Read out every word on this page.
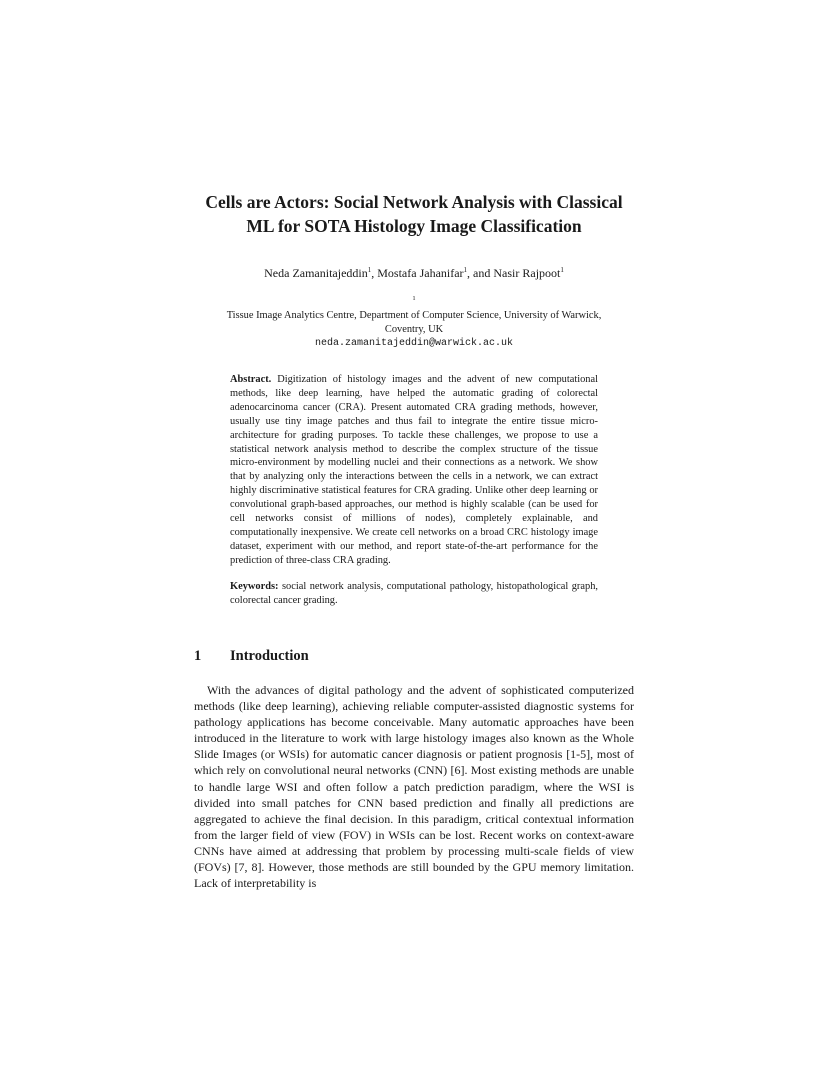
Cells are Actors: Social Network Analysis with Classical
ML for SOTA Histology Image Classification
Neda Zamanitajeddin$^1$, Mostafa Jahanifar$^1$, and Nasir Rajpoot$^1$
$^1$
Tissue Image Analytics Centre, Department of Computer Science, University of Warwick,
Coventry, UK
neda.zamanitajeddin@warwick.ac.uk

Abstract. Digitization of histology images and the advent of new computational methods, like deep learning, have helped the automatic grading of colorectal adenocarcinoma cancer (CRA). Present automated CRA grading methods, however, usually use tiny image patches and thus fail to integrate the entire tissue micro-architecture for grading purposes. To tackle these challenges, we propose to use a statistical network analysis method to describe the complex structure of the tissue micro-environment by modelling nuclei and their connections as a network. We show that by analyzing only the interactions between the cells in a network, we can extract highly discriminative statistical features for CRA grading. Unlike other deep learning or convolutional graph-based approaches, our method is highly scalable (can be used for cell networks consist of millions of nodes), completely explainable, and computationally inexpensive. We create cell networks on a broad CRC histology image dataset, experiment with our method, and report state-of-the-art performance for the prediction of three-class CRA grading.

Keywords: social network analysis, computational pathology, histopathological graph, colorectal cancer grading.

1 Introduction

With the advances of digital pathology and the advent of sophisticated computerized methods (like deep learning), achieving reliable computer-assisted diagnostic systems for pathology applications has become conceivable. Many automatic approaches have been introduced in the literature to work with large histology images also known as the Whole Slide Images (or WSIs) for automatic cancer diagnosis or patient prognosis [1-5], most of which rely on convolutional neural networks (CNN) [6]. Most existing methods are unable to handle large WSI and often follow a patch prediction paradigm, where the WSI is divided into small patches for CNN based prediction and finally all predictions are aggregated to achieve the final decision. In this paradigm, critical contextual information from the larger field of view (FOV) in WSIs can be lost. Recent works on context-aware CNNs have aimed at addressing that problem by processing multi-scale fields of view (FOVs) [7, 8]. However, those methods are still bounded by the GPU memory limitation. Lack of interpretability is
